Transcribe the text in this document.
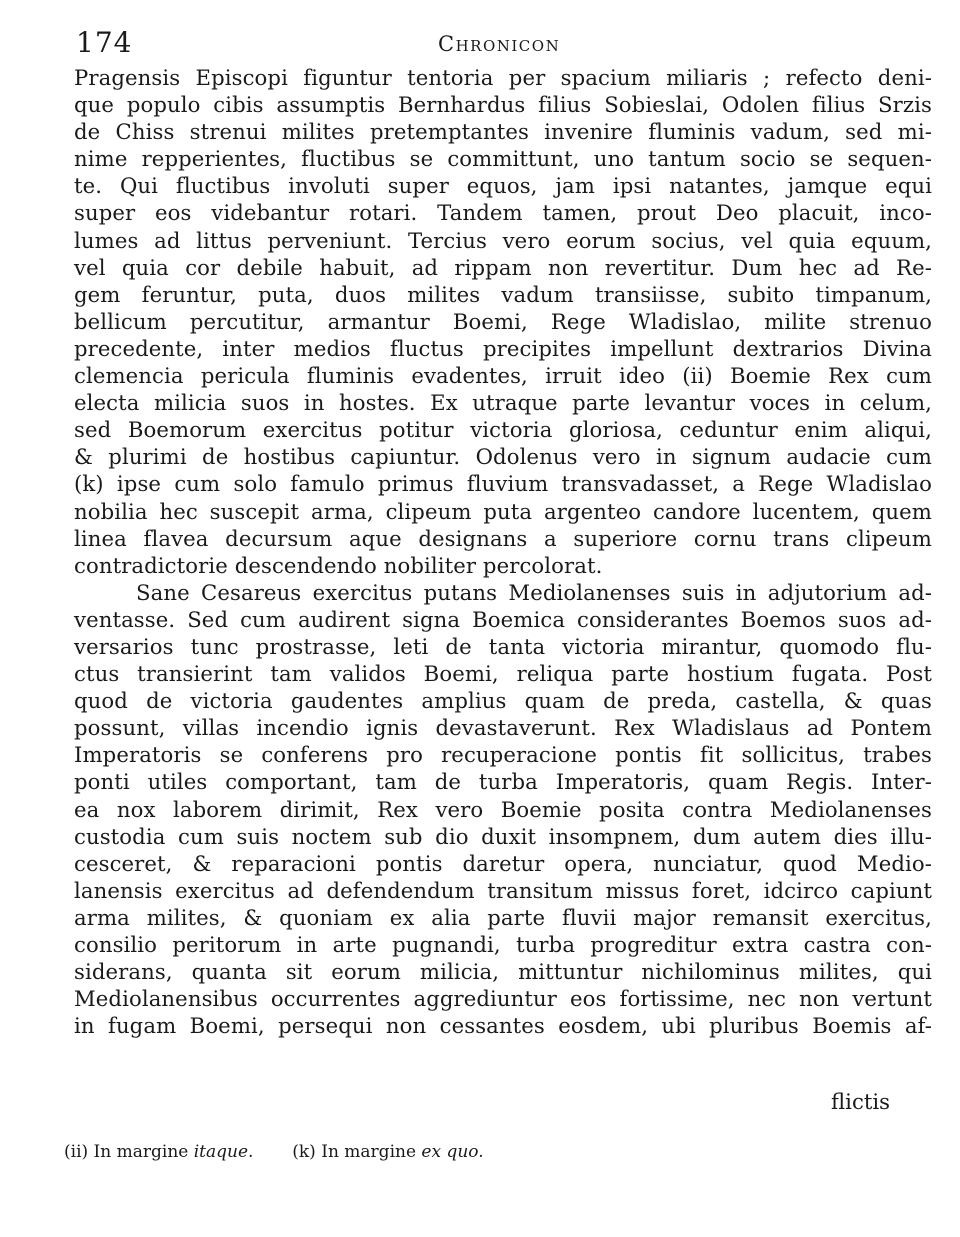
174	Chronicon
Pragensis Episcopi figuntur tentoria per spacium miliaris ; refecto deni-
que populo cibis assumptis Bernhardus filius Sobieslai, Odolen filius Srzis
de Chiss strenui milites pretemptantes invenire fluminis vadum, sed mi-
nime repperientes, fluctibus se committunt, uno tantum socio se sequen-
te. Qui fluctibus involuti super equos, jam ipsi natantes, jamque equi
super eos videbantur rotari. Tandem tamen, prout Deo placuit, inco-
lumes ad littus perveniunt. Tercius vero eorum socius, vel quia equum,
vel quia cor debile habuit, ad rippam non revertitur. Dum hec ad Re-
gem feruntur, puta, duos milites vadum transiisse, subito timpanum,
bellicum percutitur, armantur Boemi, Rege Wladislao, milite strenuo
precedente, inter medios fluctus precipites impellunt dextrarios Divina
clemencia pericula fluminis evadentes, irruit ideo (ii) Boemie Rex cum
electa milicia suos in hostes. Ex utraque parte levantur voces in celum,
sed Boemorum exercitus potitur victoria gloriosa, ceduntur enim aliqui,
& plurimi de hostibus capiuntur. Odolenus vero in signum audacie cum
(k) ipse cum solo famulo primus fluvium transvadasset, a Rege Wladislao
nobilia hec suscepit arma, clipeum puta argenteo candore lucentem, quem
linea flavea decursum aque designans a superiore cornu trans clipeum
contradictorie descendendo nobiliter percolorat.
Sane Cesareus exercitus putans Mediolanenses suis in adjutorium ad-
ventasse. Sed cum audirent signa Boemica considerantes Boemos suos ad-
versarios tunc prostrasse, leti de tanta victoria mirantur, quomodo flu-
ctus transierint tam validos Boemi, reliqua parte hostium fugata. Post
quod de victoria gaudentes amplius quam de preda, castella, & quas
possunt, villas incendio ignis devastaverunt. Rex Wladislaus ad Pontem
Imperatoris se conferens pro recuperacione pontis fit sollicitus, trabes
ponti utiles comportant, tam de turba Imperatoris, quam Regis. Inter-
ea nox laborem dirimit, Rex vero Boemie posita contra Mediolanenses
custodia cum suis noctem sub dio duxit insompnem, dum autem dies illu-
cesceret, & reparacioni pontis daretur opera, nunciatur, quod Medio-
lanensis exercitus ad defendendum transitum missus foret, idcirco capiunt
arma milites, & quoniam ex alia parte fluvii major remansit exercitus,
consilio peritorum in arte pugnandi, turba progreditur extra castra con-
siderans, quanta sit eorum milicia, mittuntur nichilominus milites, qui
Mediolanensibus occurrentes aggrediuntur eos fortissime, nec non vertunt
in fugam Boemi, persequi non cessantes eosdem, ubi pluribus Boemis af-
flictis
(ii) In margine itaque. (k) In margine ex quo.
